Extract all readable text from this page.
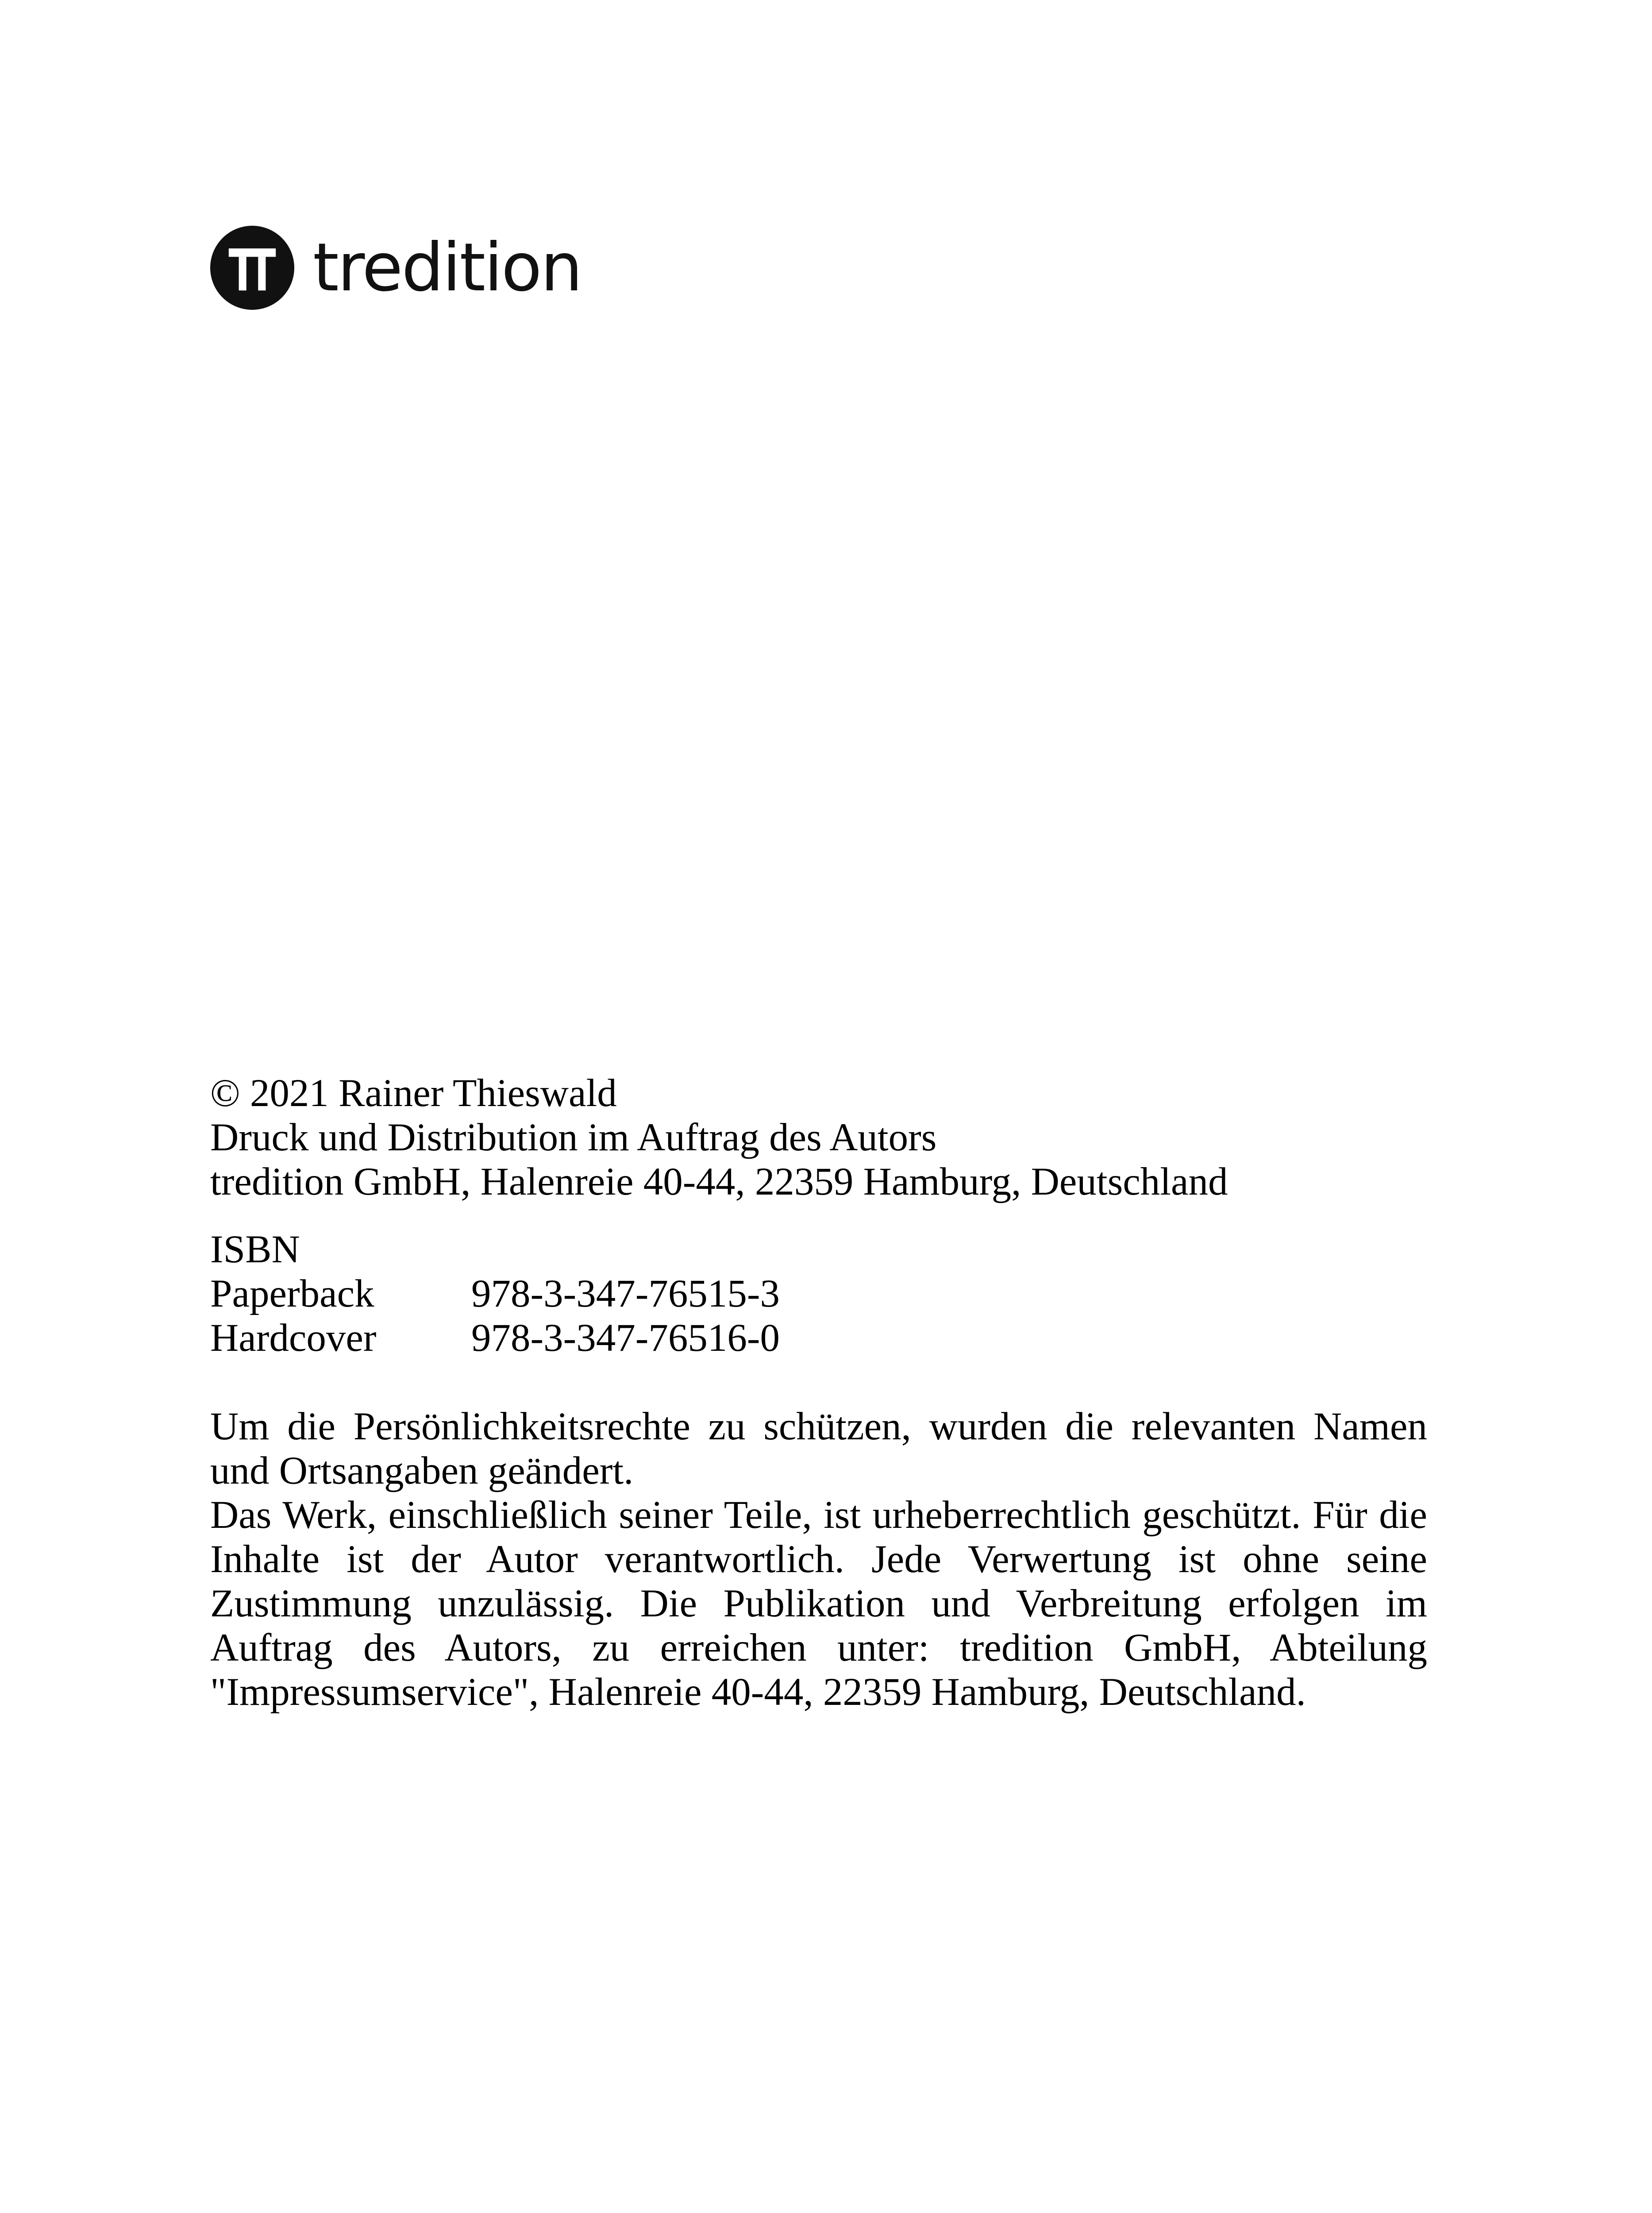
tredition

© 2021 Rainer Thieswald

Druck und Distribution im Auftrag des Autors

tredition GmbH, Halenreie 40-44, 22359 Hamburg, Deutschland

ISBN

Paperback	978-3-347-76515-3
Hardcover	978-3-347-76516-0

Um die Persönlichkeitsrechte zu schützen, wurden die relevanten Namen und Ortsangaben geändert.

Das Werk, einschließlich seiner Teile, ist urheberrechtlich geschützt. Für die Inhalte ist der Autor verantwortlich. Jede Verwertung ist ohne seine Zustimmung unzulässig. Die Publikation und Verbreitung erfolgen im Auftrag des Autors, zu erreichen unter: tredition GmbH, Abteilung "Impressumservice", Halenreie 40-44, 22359 Hamburg, Deutschland.
